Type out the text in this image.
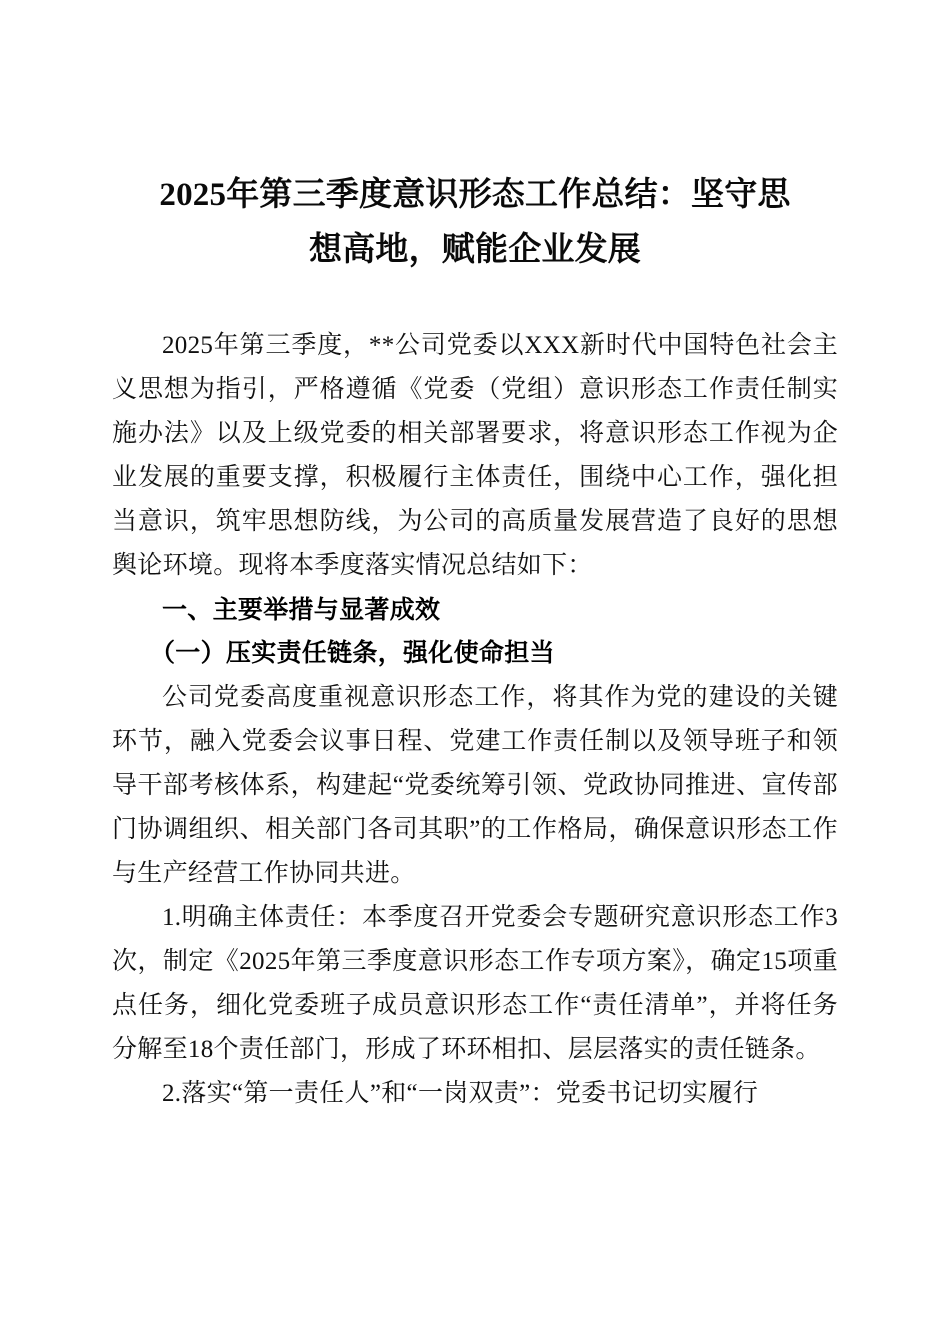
2025年第三季度意识形态工作总结：坚守思
想高地，赋能企业发展

2025年第三季度，**公司党委以XXX新时代中国特色社会主义思想为指引，严格遵循《党委（党组）意识形态工作责任制实施办法》以及上级党委的相关部署要求，将意识形态工作视为企业发展的重要支撑，积极履行主体责任，围绕中心工作，强化担当意识，筑牢思想防线，为公司的高质量发展营造了良好的思想舆论环境。现将本季度落实情况总结如下：

一、主要举措与显著成效
（一）压实责任链条，强化使命担当

公司党委高度重视意识形态工作，将其作为党的建设的关键环节，融入党委会议事日程、党建工作责任制以及领导班子和领导干部考核体系，构建起“党委统筹引领、党政协同推进、宣传部门协调组织、相关部门各司其职”的工作格局，确保意识形态工作与生产经营工作协同共进。

1.明确主体责任：本季度召开党委会专题研究意识形态工作3次，制定《2025年第三季度意识形态工作专项方案》，确定15项重点任务，细化党委班子成员意识形态工作“责任清单”，并将任务分解至18个责任部门，形成了环环相扣、层层落实的责任链条。

2.落实“第一责任人”和“一岗双责”：党委书记切实履行
